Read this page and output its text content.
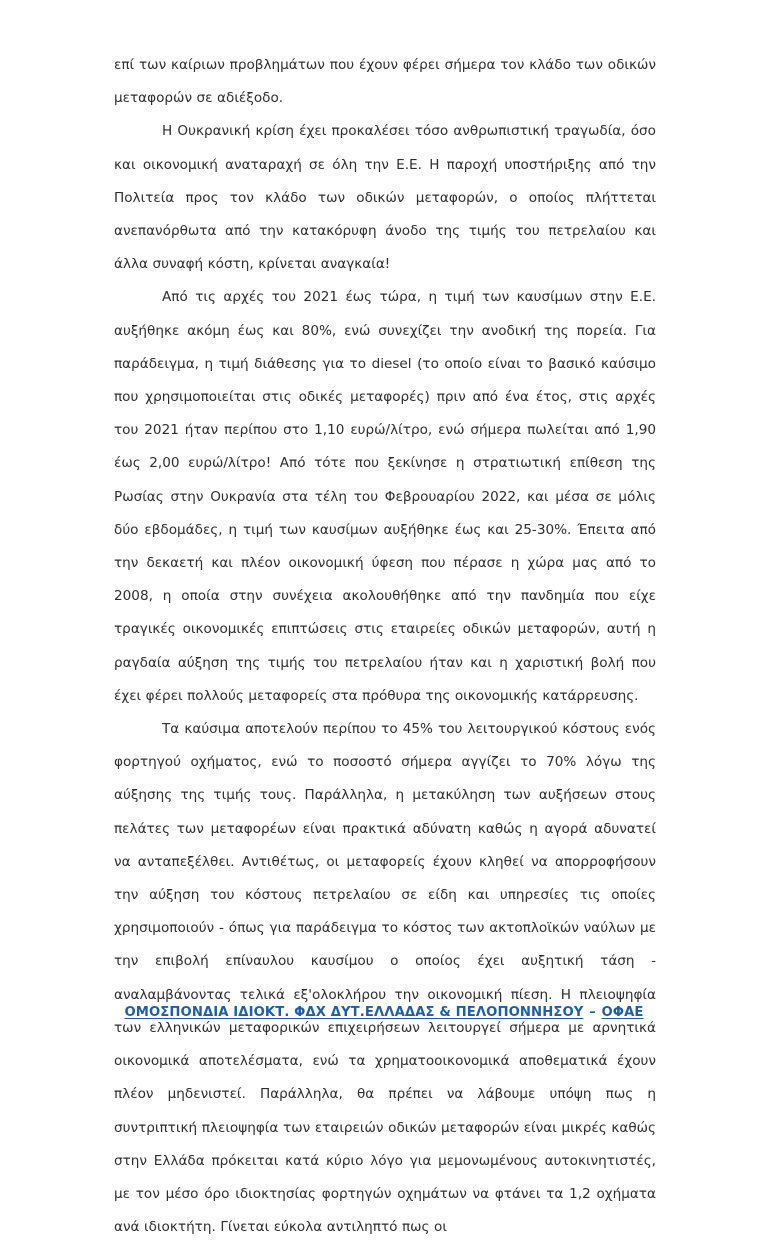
επί των καίριων προβλημάτων που έχουν φέρει σήμερα τον κλάδο των οδικών μεταφορών σε αδιέξοδο.

Η Ουκρανική κρίση έχει προκαλέσει τόσο ανθρωπιστική τραγωδία, όσο και οικονομική αναταραχή σε όλη την Ε.Ε. Η παροχή υποστήριξης από την Πολιτεία προς τον κλάδο των οδικών μεταφορών, ο οποίος πλήττεται ανεπανόρθωτα από την κατακόρυφη άνοδο της τιμής του πετρελαίου και άλλα συναφή κόστη, κρίνεται αναγκαία!

Από τις αρχές του 2021 έως τώρα, η τιμή των καυσίμων στην Ε.Ε. αυξήθηκε ακόμη έως και 80%, ενώ συνεχίζει την ανοδική της πορεία. Για παράδειγμα, η τιμή διάθεσης για το diesel (το οποίο είναι το βασικό καύσιμο που χρησιμοποιείται στις οδικές μεταφορές) πριν από ένα έτος, στις αρχές του 2021 ήταν περίπου στο 1,10 ευρώ/λίτρο, ενώ σήμερα πωλείται από 1,90 έως 2,00 ευρώ/λίτρο! Από τότε που ξεκίνησε η στρατιωτική επίθεση της Ρωσίας στην Ουκρανία στα τέλη του Φεβρουαρίου 2022, και μέσα σε μόλις δύο εβδομάδες, η τιμή των καυσίμων αυξήθηκε έως και 25-30%. Έπειτα από την δεκαετή και πλέον οικονομική ύφεση που πέρασε η χώρα μας από το 2008, η οποία στην συνέχεια ακολουθήθηκε από την πανδημία που είχε τραγικές οικονομικές επιπτώσεις στις εταιρείες οδικών μεταφορών, αυτή η ραγδαία αύξηση της τιμής του πετρελαίου ήταν και η χαριστική βολή που έχει φέρει πολλούς μεταφορείς στα πρόθυρα της οικονομικής κατάρρευσης.

Τα καύσιμα αποτελούν περίπου το 45% του λειτουργικού κόστους ενός φορτηγού οχήματος, ενώ το ποσοστό σήμερα αγγίζει το 70% λόγω της αύξησης της τιμής τους. Παράλληλα, η μετακύληση των αυξήσεων στους πελάτες των μεταφορέων είναι πρακτικά αδύνατη καθώς η αγορά αδυνατεί να ανταπεξέλθει. Αντιθέτως, οι μεταφορείς έχουν κληθεί να απορροφήσουν την αύξηση του κόστους πετρελαίου σε είδη και υπηρεσίες τις οποίες χρησιμοποιούν - όπως για παράδειγμα το κόστος των ακτοπλοϊκών ναύλων με την επιβολή επίναυλου καυσίμου ο οποίος έχει αυξητική τάση - αναλαμβάνοντας τελικά εξ'ολοκλήρου την οικονομική πίεση. Η πλειοψηφία των ελληνικών μεταφορικών επιχειρήσεων λειτουργεί σήμερα με αρνητικά οικονομικά αποτελέσματα, ενώ τα χρηματοοικονομικά αποθεματικά έχουν πλέον μηδενιστεί. Παράλληλα, θα πρέπει να λάβουμε υπόψη πως η συντριπτική πλειοψηφία των εταιρειών οδικών μεταφορών είναι μικρές καθώς στην Ελλάδα πρόκειται κατά κύριο λόγο για μεμονωμένους αυτοκινητιστές, με τον μέσο όρο ιδιοκτησίας φορτηγών οχημάτων να φτάνει τα 1,2 οχήματα ανά ιδιοκτήτη. Γίνεται εύκολα αντιληπτό πως οι

ΟΜΟΣΠΟΝΔΙΑ ΙΔΙΟΚΤ. ΦΔΧ ΔΥΤ.ΕΛΛΑΔΑΣ & ΠΕΛΟΠΟΝΝΗΣΟΥ – ΟΦΑΕ
